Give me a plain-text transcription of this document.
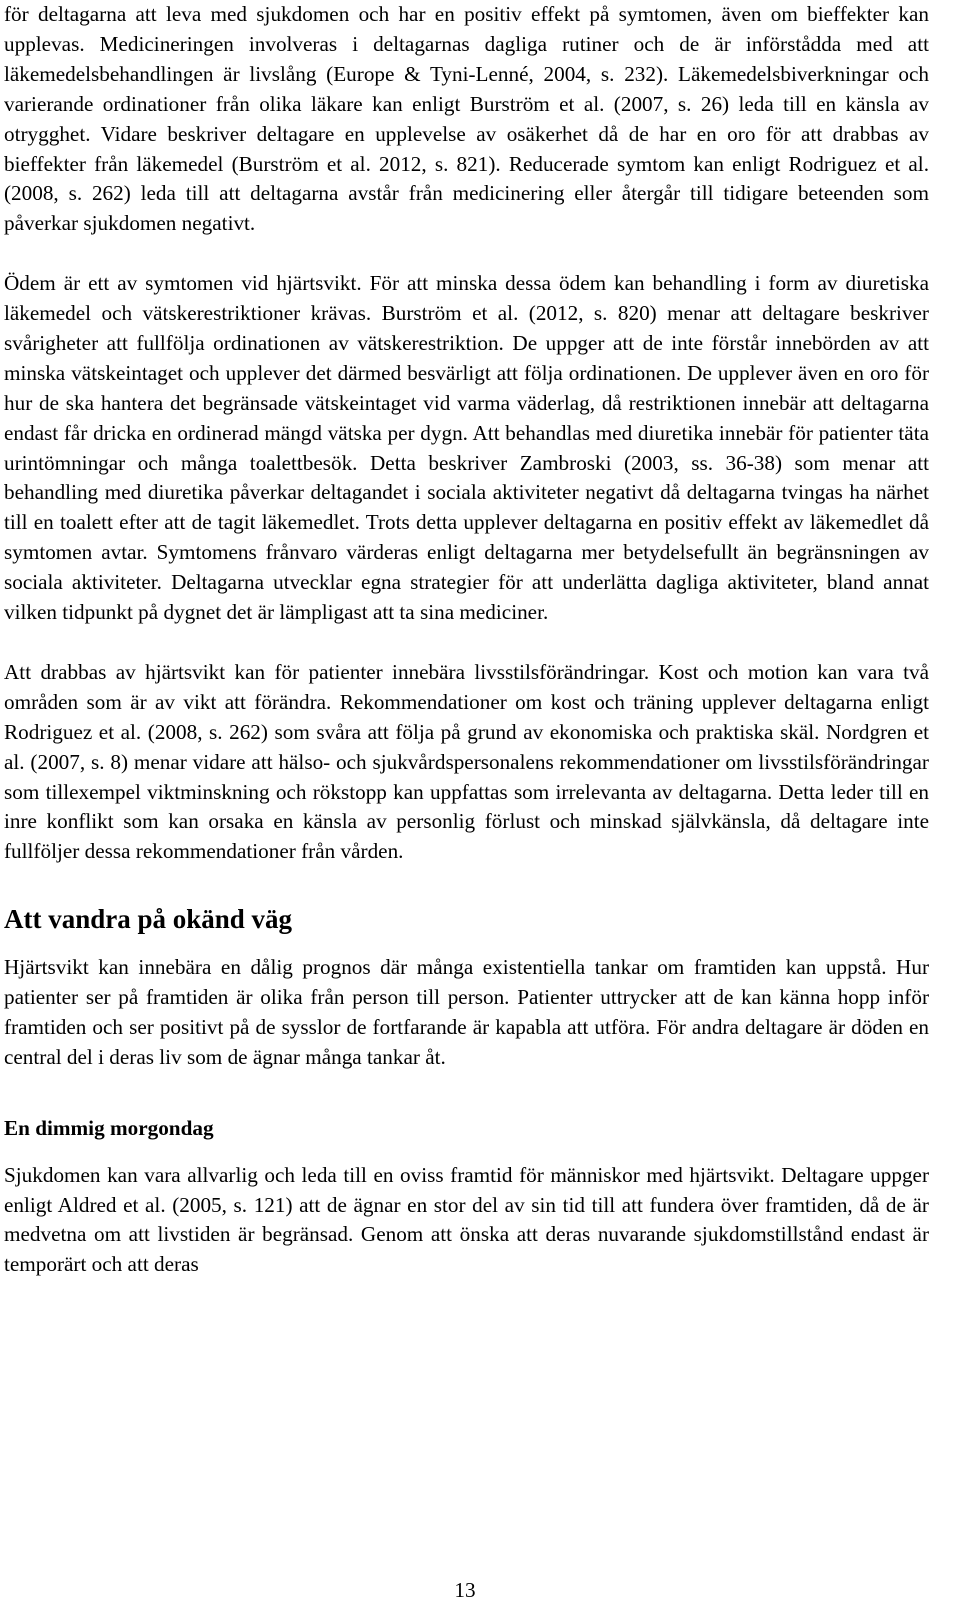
för deltagarna att leva med sjukdomen och har en positiv effekt på symtomen, även om bieffekter kan upplevas. Medicineringen involveras i deltagarnas dagliga rutiner och de är införstådda med att läkemedelsbehandlingen är livslång (Europe & Tyni-Lenné, 2004, s. 232). Läkemedelsbiverkningar och varierande ordinationer från olika läkare kan enligt Burström et al. (2007, s. 26) leda till en känsla av otrygghet. Vidare beskriver deltagare en upplevelse av osäkerhet då de har en oro för att drabbas av bieffekter från läkemedel (Burström et al. 2012, s. 821). Reducerade symtom kan enligt Rodriguez et al. (2008, s. 262) leda till att deltagarna avstår från medicinering eller återgår till tidigare beteenden som påverkar sjukdomen negativt.

Ödem är ett av symtomen vid hjärtsvikt. För att minska dessa ödem kan behandling i form av diuretiska läkemedel och vätskerestriktioner krävas. Burström et al. (2012, s. 820) menar att deltagare beskriver svårigheter att fullfölja ordinationen av vätskerestriktion. De uppger att de inte förstår innebörden av att minska vätskeintaget och upplever det därmed besvärligt att följa ordinationen. De upplever även en oro för hur de ska hantera det begränsade vätskeintaget vid varma väderlag, då restriktionen innebär att deltagarna endast får dricka en ordinerad mängd vätska per dygn. Att behandlas med diuretika innebär för patienter täta urintömningar och många toalettbesök. Detta beskriver Zambroski (2003, ss. 36-38) som menar att behandling med diuretika påverkar deltagandet i sociala aktiviteter negativt då deltagarna tvingas ha närhet till en toalett efter att de tagit läkemedlet. Trots detta upplever deltagarna en positiv effekt av läkemedlet då symtomen avtar. Symtomens frånvaro värderas enligt deltagarna mer betydelsefullt än begränsningen av sociala aktiviteter. Deltagarna utvecklar egna strategier för att underlätta dagliga aktiviteter, bland annat vilken tidpunkt på dygnet det är lämpligast att ta sina mediciner.

Att drabbas av hjärtsvikt kan för patienter innebära livsstilsförändringar. Kost och motion kan vara två områden som är av vikt att förändra. Rekommendationer om kost och träning upplever deltagarna enligt Rodriguez et al. (2008, s. 262) som svåra att följa på grund av ekonomiska och praktiska skäl. Nordgren et al. (2007, s. 8) menar vidare att hälso- och sjukvårdspersonalens rekommendationer om livsstilsförändringar som tillexempel viktminskning och rökstopp kan uppfattas som irrelevanta av deltagarna. Detta leder till en inre konflikt som kan orsaka en känsla av personlig förlust och minskad självkänsla, då deltagare inte fullföljer dessa rekommendationer från vården.

Att vandra på okänd väg

Hjärtsvikt kan innebära en dålig prognos där många existentiella tankar om framtiden kan uppstå. Hur patienter ser på framtiden är olika från person till person. Patienter uttrycker att de kan känna hopp inför framtiden och ser positivt på de sysslor de fortfarande är kapabla att utföra. För andra deltagare är döden en central del i deras liv som de ägnar många tankar åt.

En dimmig morgondag

Sjukdomen kan vara allvarlig och leda till en oviss framtid för människor med hjärtsvikt. Deltagare uppger enligt Aldred et al. (2005, s. 121) att de ägnar en stor del av sin tid till att fundera över framtiden, då de är medvetna om att livstiden är begränsad. Genom att önska att deras nuvarande sjukdomstillstånd endast är temporärt och att deras

13
